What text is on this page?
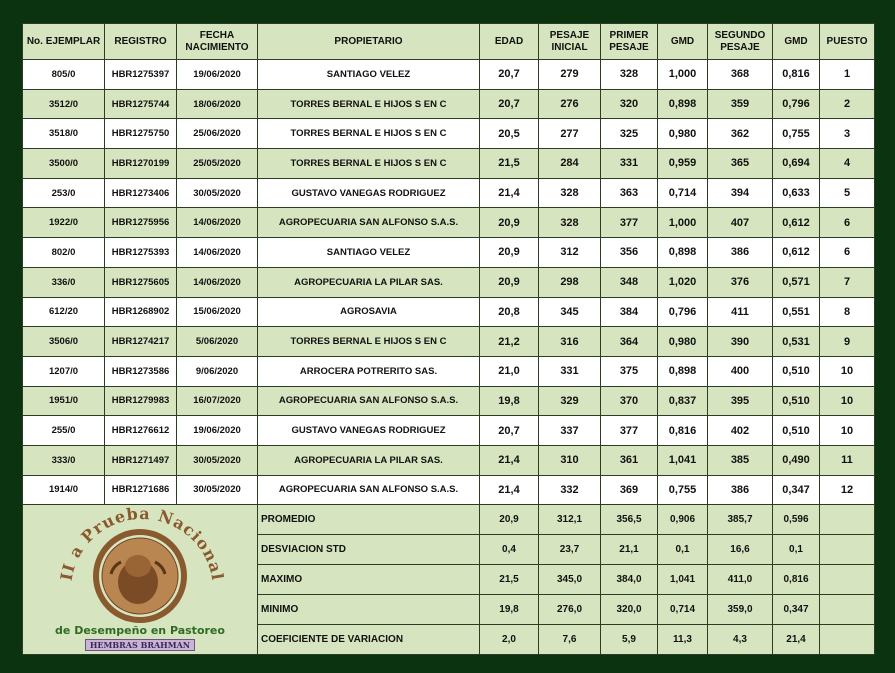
No. EJEMPLAR	REGISTRO	FECHA NACIMIENTO	PROPIETARIO	EDAD	PESAJE INICIAL	PRIMER PESAJE	GMD	SEGUNDO PESAJE	GMD	PUESTO
805/0	HBR1275397	19/06/2020	SANTIAGO VELEZ	20,7	279	328	1,000	368	0,816	1
3512/0	HBR1275744	18/06/2020	TORRES BERNAL E HIJOS S EN C	20,7	276	320	0,898	359	0,796	2
3518/0	HBR1275750	25/06/2020	TORRES BERNAL E HIJOS S EN C	20,5	277	325	0,980	362	0,755	3
3500/0	HBR1270199	25/05/2020	TORRES BERNAL E HIJOS S EN C	21,5	284	331	0,959	365	0,694	4
253/0	HBR1273406	30/05/2020	GUSTAVO VANEGAS RODRIGUEZ	21,4	328	363	0,714	394	0,633	5
1922/0	HBR1275956	14/06/2020	AGROPECUARIA SAN ALFONSO S.A.S.	20,9	328	377	1,000	407	0,612	6
802/0	HBR1275393	14/06/2020	SANTIAGO VELEZ	20,9	312	356	0,898	386	0,612	6
336/0	HBR1275605	14/06/2020	AGROPECUARIA LA PILAR SAS.	20,9	298	348	1,020	376	0,571	7
612/20	HBR1268902	15/06/2020	AGROSAVIA	20,8	345	384	0,796	411	0,551	8
3506/0	HBR1274217	5/06/2020	TORRES BERNAL E HIJOS S EN C	21,2	316	364	0,980	390	0,531	9
1207/0	HBR1273586	9/06/2020	ARROCERA POTRERITO SAS.	21,0	331	375	0,898	400	0,510	10
1951/0	HBR1279983	16/07/2020	AGROPECUARIA SAN ALFONSO S.A.S.	19,8	329	370	0,837	395	0,510	10
255/0	HBR1276612	19/06/2020	GUSTAVO VANEGAS RODRIGUEZ	20,7	337	377	0,816	402	0,510	10
333/0	HBR1271497	30/05/2020	AGROPECUARIA LA PILAR SAS.	21,4	310	361	1,041	385	0,490	11
1914/0	HBR1271686	30/05/2020	AGROPECUARIA SAN ALFONSO S.A.S.	21,4	332	369	0,755	386	0,347	12

II a Prueba Nacional
de Desempeño en Pastoreo
HEMBRAS BRAHMAN			PROMEDIO	20,9	312,1	356,5	0,906	385,7	0,596	
			DESVIACION STD	0,4	23,7	21,1	0,1	16,6	0,1	
			MAXIMO	21,5	345,0	384,0	1,041	411,0	0,816	
			MINIMO	19,8	276,0	320,0	0,714	359,0	0,347	
			COEFICIENTE DE VARIACION	2,0	7,6	5,9	11,3	4,3	21,4	
